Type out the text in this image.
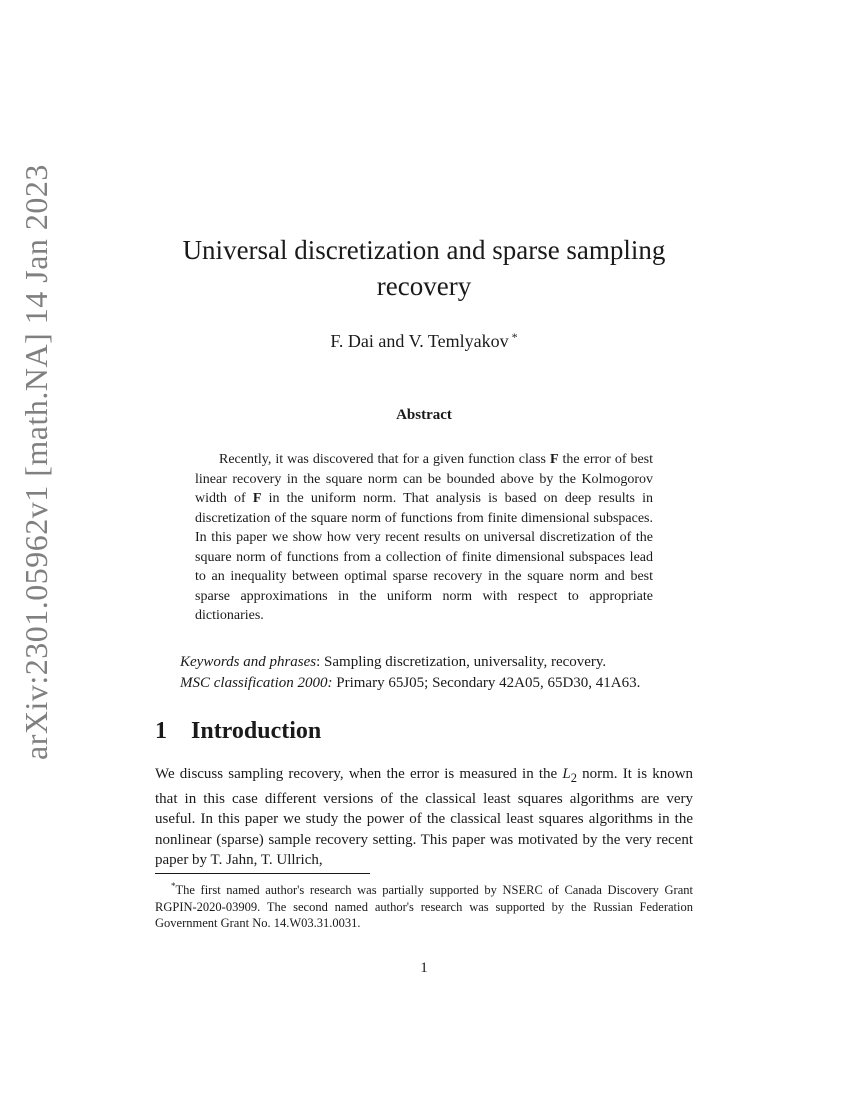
arXiv:2301.05962v1 [math.NA] 14 Jan 2023	Universal discretization and sparse sampling recovery
F. Dai and V. Temlyakov *
Abstract

Recently, it was discovered that for a given function class F the error of best linear recovery in the square norm can be bounded above by the Kolmogorov width of F in the uniform norm. That analysis is based on deep results in discretization of the square norm of functions from finite dimensional subspaces. In this paper we show how very recent results on universal discretization of the square norm of functions from a collection of finite dimensional subspaces lead to an inequality between optimal sparse recovery in the square norm and best sparse approximations in the uniform norm with respect to appropriate dictionaries.

Keywords and phrases: Sampling discretization, universality, recovery.
MSC classification 2000: Primary 65J05; Secondary 42A05, 65D30, 41A63.
1 Introduction

We discuss sampling recovery, when the error is measured in the $L_2$ norm. It is known that in this case different versions of the classical least squares algorithms are very useful. In this paper we study the power of the classical least squares algorithms in the nonlinear (sparse) sample recovery setting. This paper was motivated by the very recent paper by T. Jahn, T. Ullrich,

*The first named author's research was partially supported by NSERC of Canada Discovery Grant RGPIN-2020-03909. The second named author's research was supported by the Russian Federation Government Grant No. 14.W03.31.0031.

1
